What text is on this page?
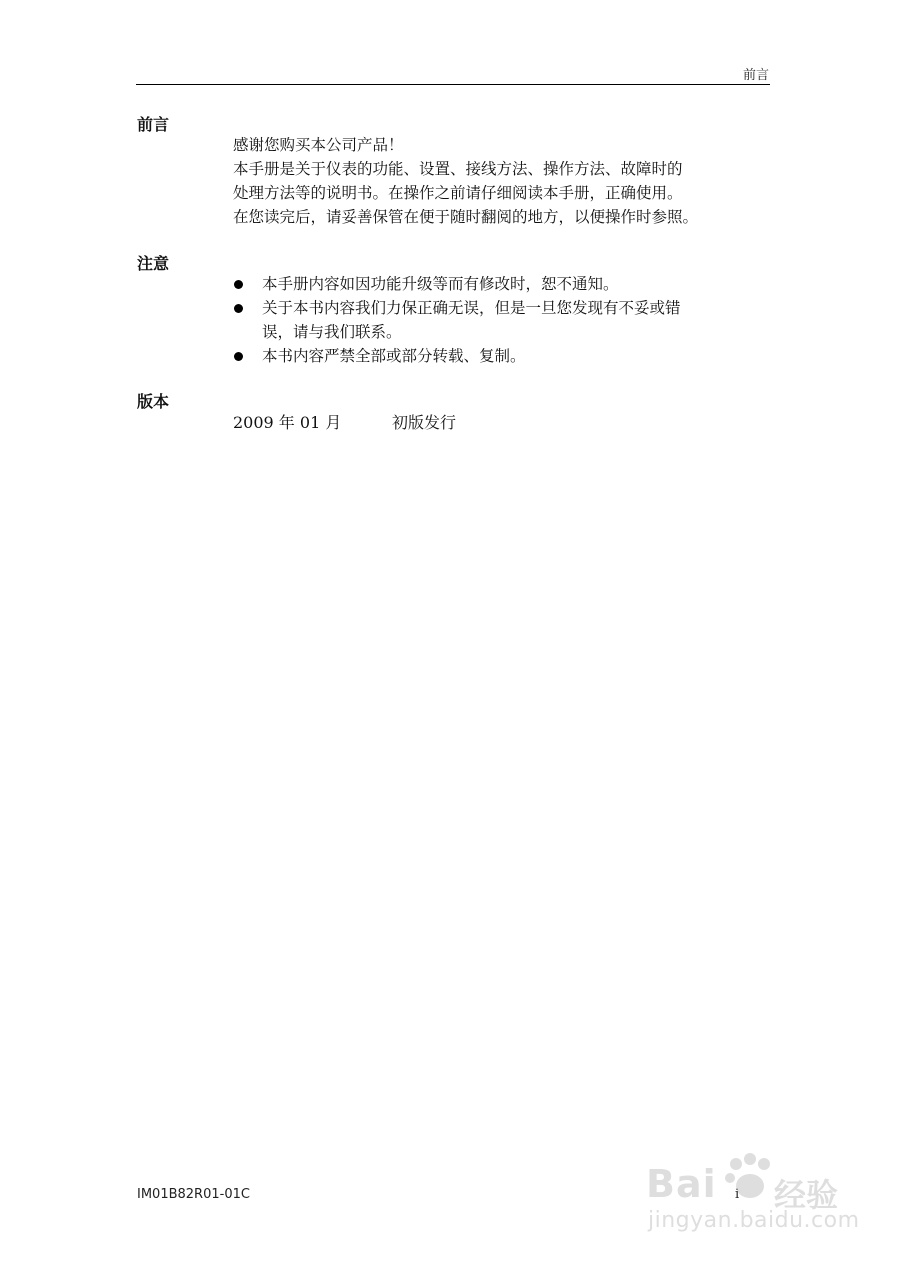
前言
前言
感谢您购买本公司产品！
本手册是关于仪表的功能、设置、接线方法、操作方法、故障时的
处理方法等的说明书。在操作之前请仔细阅读本手册，正确使用。
在您读完后，请妥善保管在便于随时翻阅的地方，以便操作时参照。
注意
本手册内容如因功能升级等而有修改时，恕不通知。
关于本书内容我们力保正确无误，但是一旦您发现有不妥或错
误，请与我们联系。
本书内容严禁全部或部分转载、复制。
版本
2009 年 01 月	初版发行
IM01B82R01-01C	i
Bai 经验
jingyan.baidu.com
